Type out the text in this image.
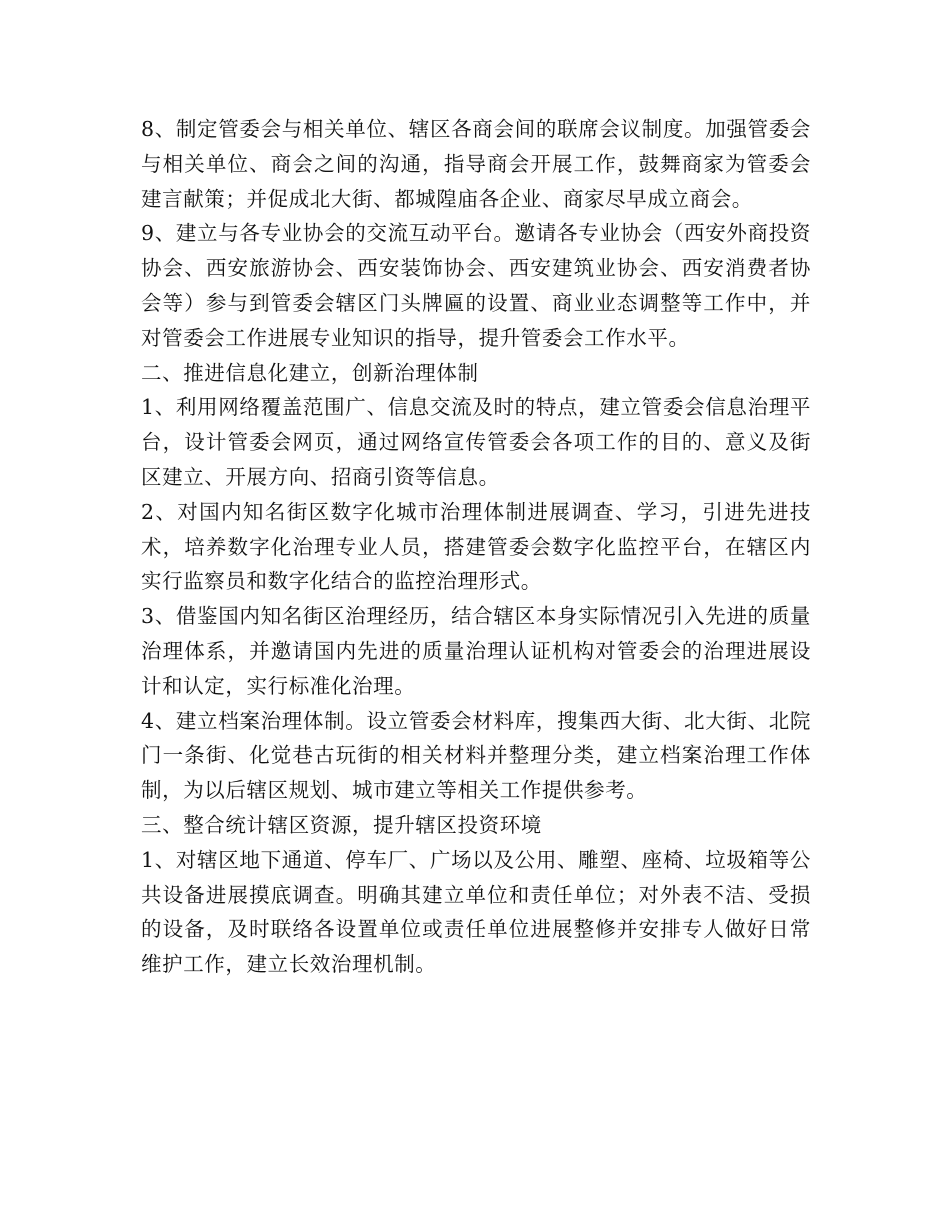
8、制定管委会与相关单位、辖区各商会间的联席会议制度。加强管委会与相关单位、商会之间的沟通，指导商会开展工作，鼓舞商家为管委会建言献策；并促成北大街、都城隍庙各企业、商家尽早成立商会。

9、建立与各专业协会的交流互动平台。邀请各专业协会（西安外商投资协会、西安旅游协会、西安装饰协会、西安建筑业协会、西安消费者协会等）参与到管委会辖区门头牌匾的设置、商业业态调整等工作中，并对管委会工作进展专业知识的指导，提升管委会工作水平。

二、推进信息化建立，创新治理体制

1、利用网络覆盖范围广、信息交流及时的特点，建立管委会信息治理平台，设计管委会网页，通过网络宣传管委会各项工作的目的、意义及街区建立、开展方向、招商引资等信息。

2、对国内知名街区数字化城市治理体制进展调查、学习，引进先进技术，培养数字化治理专业人员，搭建管委会数字化监控平台，在辖区内实行监察员和数字化结合的监控治理形式。

3、借鉴国内知名街区治理经历，结合辖区本身实际情况引入先进的质量治理体系，并邀请国内先进的质量治理认证机构对管委会的治理进展设计和认定，实行标准化治理。

4、建立档案治理体制。设立管委会材料库，搜集西大街、北大街、北院门一条街、化觉巷古玩街的相关材料并整理分类，建立档案治理工作体制，为以后辖区规划、城市建立等相关工作提供参考。

三、整合统计辖区资源，提升辖区投资环境

1、对辖区地下通道、停车厂、广场以及公用、雕塑、座椅、垃圾箱等公共设备进展摸底调查。明确其建立单位和责任单位；对外表不洁、受损的设备，及时联络各设置单位或责任单位进展整修并安排专人做好日常维护工作，建立长效治理机制。
